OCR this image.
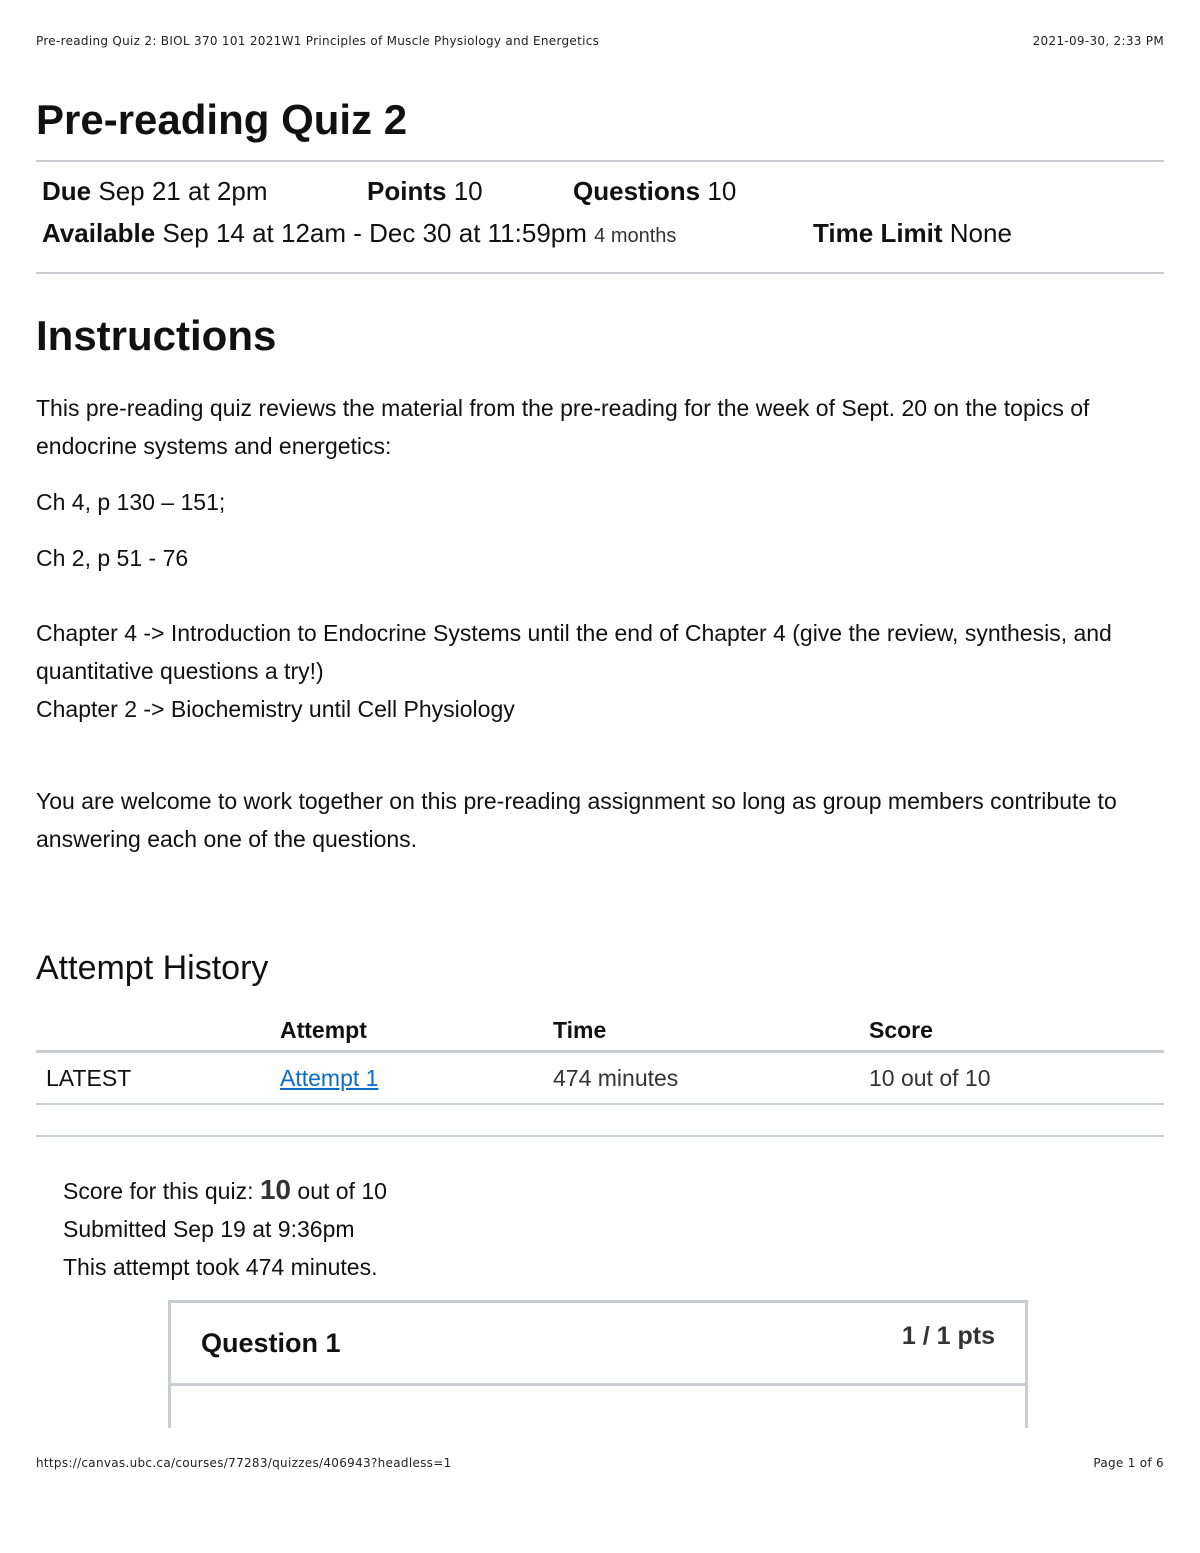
Pre-reading Quiz 2: BIOL 370 101 2021W1 Principles of Muscle Physiology and Energetics	2021-09-30, 2:33 PM
Pre-reading Quiz 2
Due Sep 21 at 2pm	Points 10	Questions 10
Available Sep 14 at 12am - Dec 30 at 11:59pm 4 months	Time Limit None
Instructions

This pre-reading quiz reviews the material from the pre-reading for the week of Sept. 20 on the topics of endocrine systems and energetics:

Ch 4, p 130 – 151;

Ch 2, p 51 - 76

Chapter 4 -> Introduction to Endocrine Systems until the end of Chapter 4 (give the review, synthesis, and quantitative questions a try!)

Chapter 2 -> Biochemistry until Cell Physiology

You are welcome to work together on this pre-reading assignment so long as group members contribute to answering each one of the questions.

Attempt History
	Attempt	Time	Score
LATEST	Attempt 1	474 minutes	10 out of 10
Score for this quiz: 10 out of 10
Submitted Sep 19 at 9:36pm
This attempt took 474 minutes.
Question 1	1 / 1 pts
https://canvas.ubc.ca/courses/77283/quizzes/406943?headless=1	Page 1 of 6
